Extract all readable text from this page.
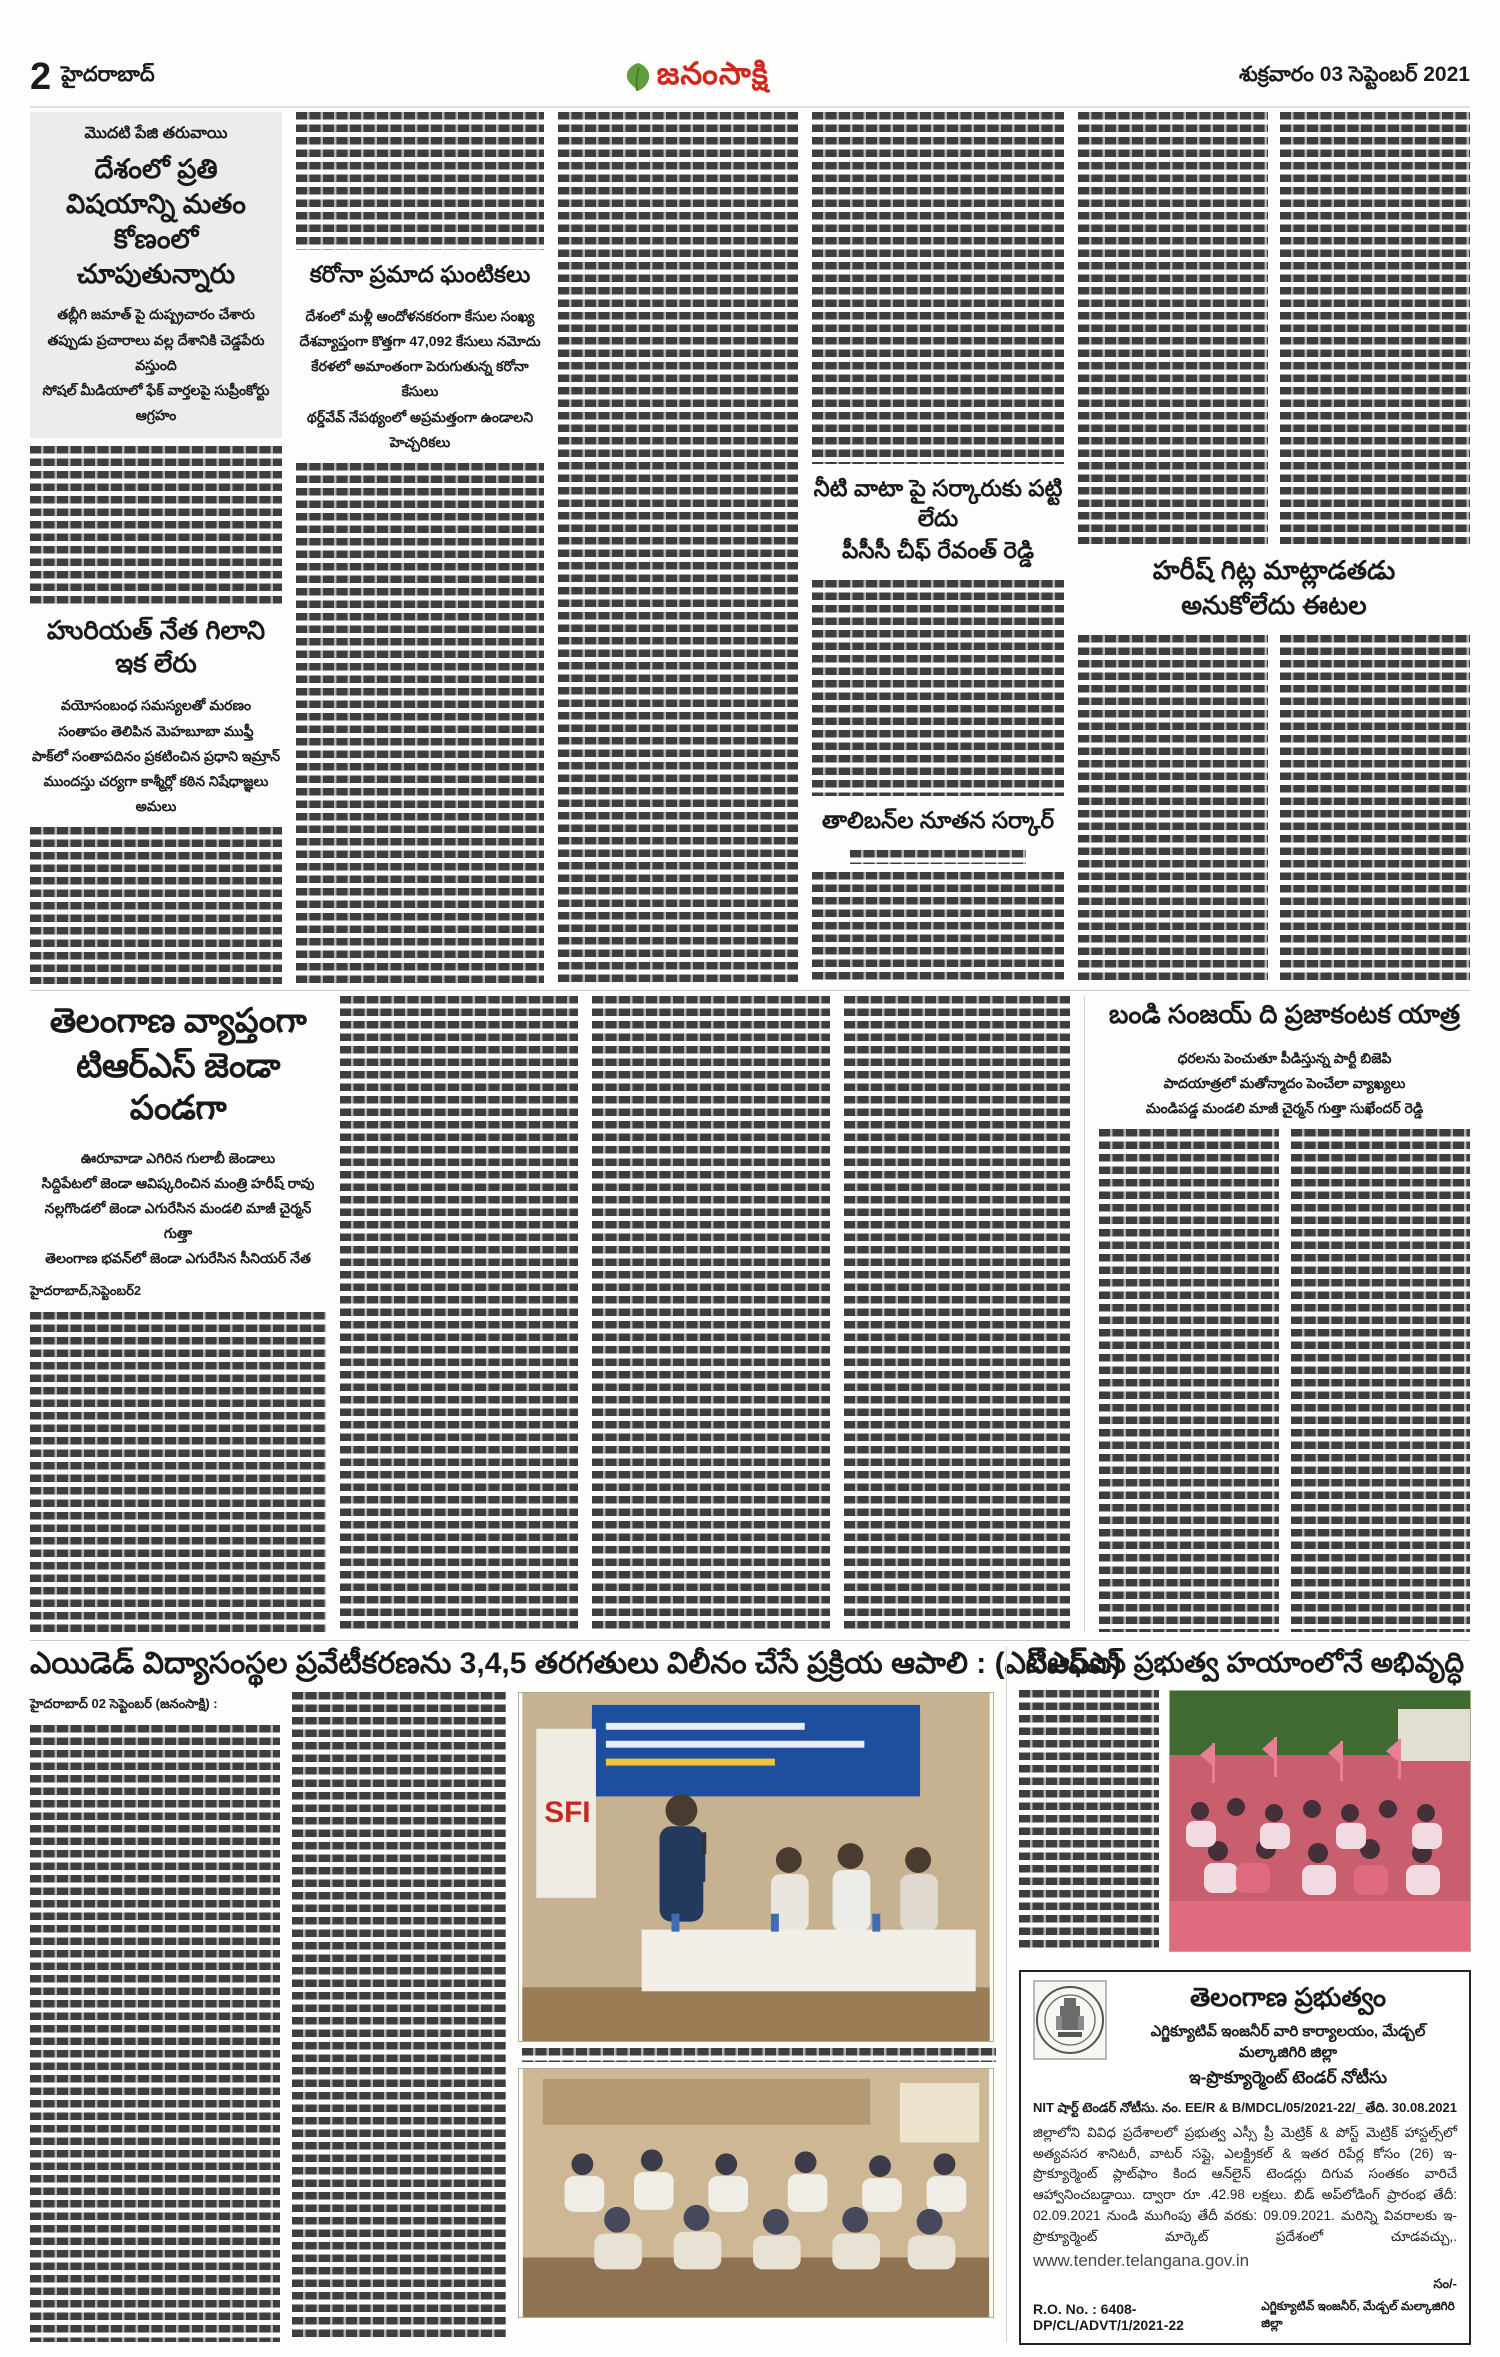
2 హైదరాబాద్	జనంసాక్షి	శుక్రవారం 03 సెప్టెంబర్ 2021
మొదటి పేజి తరువాయి
దేశంలో ప్రతి విషయాన్ని మతం కోణంలో చూపుతున్నారు
తబ్లీగి జమాత్ పై దుష్ప్రచారం చేశారు
తప్పుడు ప్రచారాలు వల్ల దేశానికి చెడ్డపేరు వస్తుంది
సోషల్ మీడియాలో ఫేక్ వార్తలపై సుప్రీంకోర్టు ఆగ్రహం
హురియత్ నేత గిలాని ఇక లేరు
వయోసంబంధ సమస్యలతో మరణం
సంతాపం తెలిపిన మెహబూబా ముఫ్తీ
పాక్‌లో సంతాపదినం ప్రకటించిన ప్రధాని ఇమ్రాన్
ముందస్తు చర్యగా కాశ్మీర్లో కఠిన నిషేధాజ్ఞలు అమలు
కరోనా ప్రమాద ఘంటికలు
దేశంలో మళ్లీ ఆందోళనకరంగా కేసుల సంఖ్య
దేశవ్యాప్తంగా కొత్తగా 47,092 కేసులు నమోదు
కేరళలో అమాంతంగా పెరుగుతున్న కరోనా కేసులు
థర్డ్‌వేవ్ నేపథ్యంలో అప్రమత్తంగా ఉండాలని హెచ్చరికలు
నీటి వాటా పై సర్కారుకు పట్టి లేదు
పీసీసీ చీఫ్ రేవంత్ రెడ్డి
తాలిబన్‌ల నూతన సర్కార్
హరీష్ గిట్ల మాట్లాడతడు
అనుకోలేదు ఈటల
తెలంగాణ వ్యాప్తంగా
టిఆర్ఎస్ జెండా పండగా
ఊరూవాడా ఎగిరిన గులాబీ జెండాలు
సిద్దిపేటలో జెండా ఆవిష్కరించిన మంత్రి హరీష్ రావు
నల్లగొండలో జెండా ఎగురేసిన మండలి మాజీ చైర్మన్ గుత్తా
తెలంగాణ భవన్‌లో జెండా ఎగురేసిన సీనియర్ నేత
హైదరాబాద్,సెప్టెంబర్2
బండి సంజయ్ ది ప్రజాకంటక యాత్ర
ధరలను పెంచుతూ పీడిస్తున్న పార్టీ బిజెపి
పాదయాత్రలో మతోన్మాదం పెంచేలా వ్యాఖ్యలు
మండిపడ్డ మండలి మాజీ చైర్మన్ గుత్తా సుఖేందర్ రెడ్డి
ఎయిడెడ్ విద్యాసంస్థల ప్రవేటీకరణను 3,4,5 తరగతులు విలీనం చేసే ప్రక్రియ ఆపాలి : (ఎస్ఎఫ్ఐ)
హైదరాబాద్ 02 సెప్టెంబర్ (జనంసాక్షి) :
SFI
టీఆర్ఎస్ ప్రభుత్వ హయాంలోనే అభివృద్ధి
తెలంగాణ ప్రభుత్వం
ఎగ్జిక్యూటివ్ ఇంజనీర్ వారి కార్యాలయం, మేడ్చల్ మల్కాజిగిరి జిల్లా
ఇ-ప్రొక్యూర్మెంట్ టెండర్ నోటీసు
NIT షార్ట్ టెండర్ నోటీసు. నం. EE/R & B/MDCL/05/2021-22/_ తేది. 30.08.2021
జిల్లాలోని వివిధ ప్రదేశాలలో ప్రభుత్వ ఎస్సీ ప్రీ మెట్రిక్ & పోస్ట్ మెట్రిక్ హాస్టల్స్‌లో అత్యవసర శానిటరీ, వాటర్ సప్లై, ఎలక్ట్రికల్ & ఇతర రిపేర్ల కోసం (26) ఇ-ప్రొక్యూర్మెంట్ ప్లాట్‌ఫాం కింద ఆన్‌లైన్ టెండర్లు దిగువ సంతకం వారిచే ఆహ్వానించబడ్డాయి. ద్వారా రూ .42.98 లక్షలు. బిడ్ అప్‌లోడింగ్ ప్రారంభ తేదీ: 02.09.2021 నుండి ముగింపు తేదీ వరకు: 09.09.2021. మరిన్ని వివరాలకు ఇ-ప్రొక్యూర్మెంట్ మార్కెట్ ప్రదేశంలో చూడవచ్చు,. www.tender.telangana.gov.in
సం/-
R.O. No. : 6408-DP/CL/ADVT/1/2021-22
ఎగ్జిక్యూటివ్ ఇంజనీర్, మేడ్చల్ మల్కాజిగిరి జిల్లా
